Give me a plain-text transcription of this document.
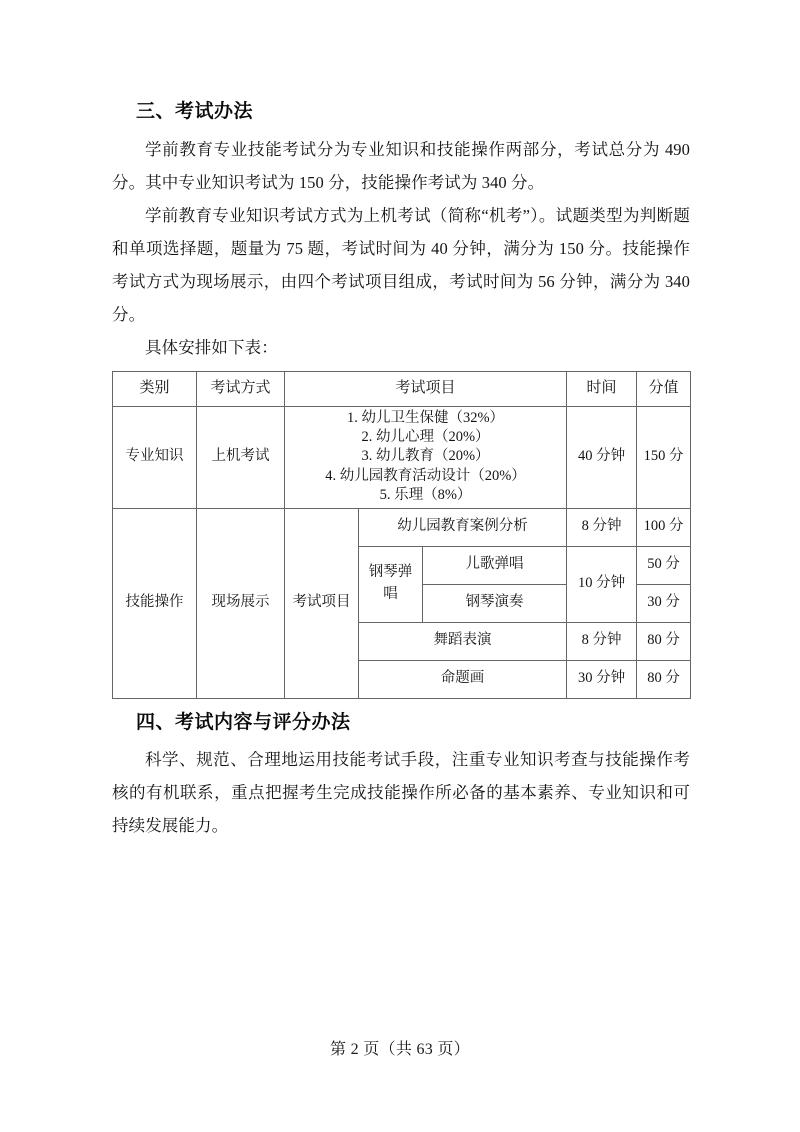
三、考试办法

学前教育专业技能考试分为专业知识和技能操作两部分，考试总分为 490 分。其中专业知识考试为 150 分，技能操作考试为 340 分。

学前教育专业知识考试方式为上机考试（简称“机考”）。试题类型为判断题和单项选择题，题量为 75 题，考试时间为 40 分钟，满分为 150 分。技能操作考试方式为现场展示，由四个考试项目组成，考试时间为 56 分钟，满分为 340 分。

具体安排如下表：

类别	考试方式	考试项目			时间	分值
专业知识	上机考试	1. 幼儿卫生保健（32%）
2. 幼儿心理（20%）
3. 幼儿教育（20%）
4. 幼儿园教育活动设计（20%）
5. 乐理（8%）			40 分钟	150 分
技能操作	现场展示	考试项目	幼儿园教育案例分析		8 分钟	100 分
			钢琴弹唱	儿歌弹唱	10 分钟	50 分
				钢琴演奏		30 分
			舞蹈表演		8 分钟	80 分
			命题画		30 分钟	80 分
四、考试内容与评分办法

科学、规范、合理地运用技能考试手段，注重专业知识考查与技能操作考核的有机联系，重点把握考生完成技能操作所必备的基本素养、专业知识和可持续发展能力。

第 2 页（共 63 页）
